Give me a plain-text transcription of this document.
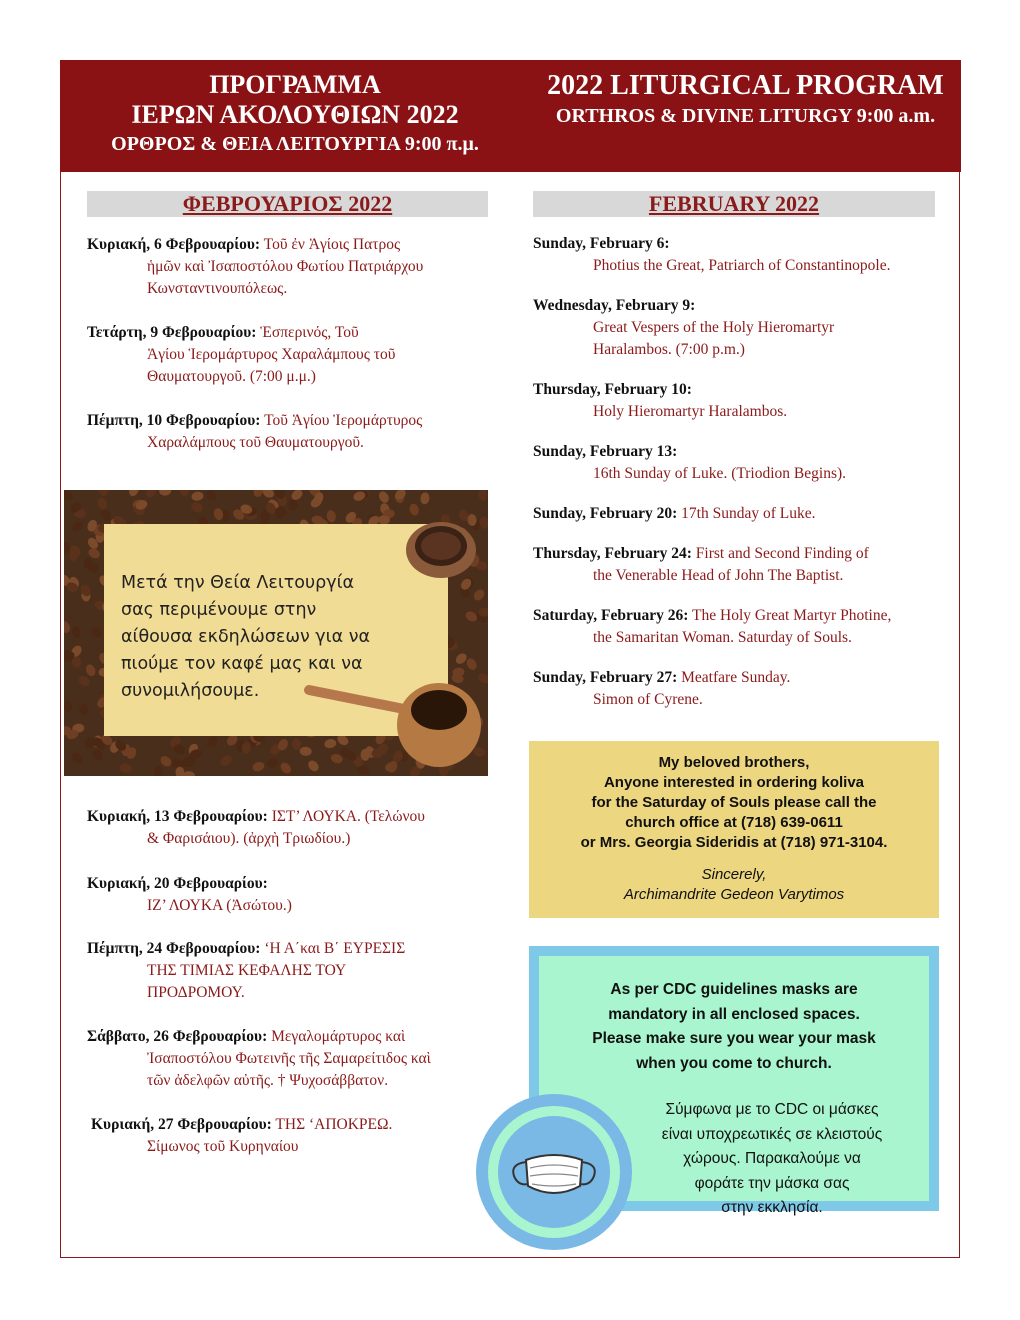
ΠΡΟΓΡΑΜΜΑ
ΙΕΡΩΝ ΑΚΟΛΟΥΘΙΩΝ 2022
ΟΡΘΡΟΣ & ΘΕΙΑ ΛΕΙΤΟΥΡΓΙΑ 9:00 π.μ.
2022 LITURGICAL PROGRAM
ORTHROS & DIVINE LITURGY 9:00 a.m.
ΦΕΒΡΟΥΑΡΙΟΣ 2022	FEBRUARY 2022
Κυριακή, 6 Φεβρουαρίου: Τοῦ ἐν Ἁγίοις Πατρος
ἡμῶν καὶ Ἰσαποστόλου Φωτίου Πατριάρχου
Κωνσταντινουπόλεως.
Τετάρτη, 9 Φεβρουαρίου: Ἑσπερινός, Τοῦ
Ἁγίου Ἱερομάρτυρος Χαραλάμπους τοῦ
Θαυματουργοῦ. (7:00 μ.μ.)
Πέμπτη, 10 Φεβρουαρίου: Τοῦ Ἁγίου Ἱερομάρτυρος
Χαραλάμπους τοῦ Θαυματουργοῦ.
Μετά την Θεία Λειτουργία
σας περιμένουμε στην
αίθουσα εκδηλώσεων για να
πιούμε τον καφέ μας και να
συνομιλήσουμε.
Κυριακή, 13 Φεβρουαρίου: ΙΣΤ’ ΛΟΥΚΑ. (Τελώνου
& Φαρισάιου). (ἀρχὴ Τριωδίου.)
Κυριακή, 20 Φεβρουαρίου:
ΙΖ’ ΛΟΥΚΑ (Ἀσώτου.)
Πέμπτη, 24 Φεβρουαρίου: ‘Η Α΄και Β΄ ΕΥΡΕΣΙΣ
ΤΗΣ ΤΙΜΙΑΣ ΚΕΦΑΛΗΣ ΤΟΥ
ΠΡΟΔΡΟΜΟΥ.
Σάββατο, 26 Φεβρουαρίου: Μεγαλομάρτυρος καὶ
Ἰσαποστόλου Φωτεινῆς τῆς Σαμαρείτιδος καὶ
τῶν ἀδελφῶν αὐτῆς. † Ψυχοσάββατον.
Κυριακή, 27 Φεβρουαρίου: ΤΗΣ ‘ΑΠΟΚΡΕΩ.
Σίμωνος τοῦ Κυρηναίου
Sunday, February 6:
Photius the Great, Patriarch of Constantinopole.
Wednesday, February 9:
Great Vespers of the Holy Hieromartyr
Haralambos. (7:00 p.m.)
Thursday, February 10:
Holy Hieromartyr Haralambos.
Sunday, February 13:
16th Sunday of Luke. (Triodion Begins).
Sunday, February 20: 17th Sunday of Luke.
Thursday, February 24: First and Second Finding of
the Venerable Head of John The Baptist.
Saturday, February 26: The Holy Great Martyr Photine,
the Samaritan Woman. Saturday of Souls.
Sunday, February 27: Meatfare Sunday.
Simon of Cyrene.
My beloved brothers,
Anyone interested in ordering koliva
for the Saturday of Souls please call the
church office at (718) 639-0611
or Mrs. Georgia Sideridis at (718) 971-3104.
Sincerely,
Archimandrite Gedeon Varytimos
As per CDC guidelines masks are
mandatory in all enclosed spaces.
Please make sure you wear your mask
when you come to church.
Σύμφωνα με το CDC οι μάσκες
είναι υποχρεωτικές σε κλειστούς
χώρους. Παρακαλούμε να
φοράτε την μάσκα σας
στην εκκλησία.
